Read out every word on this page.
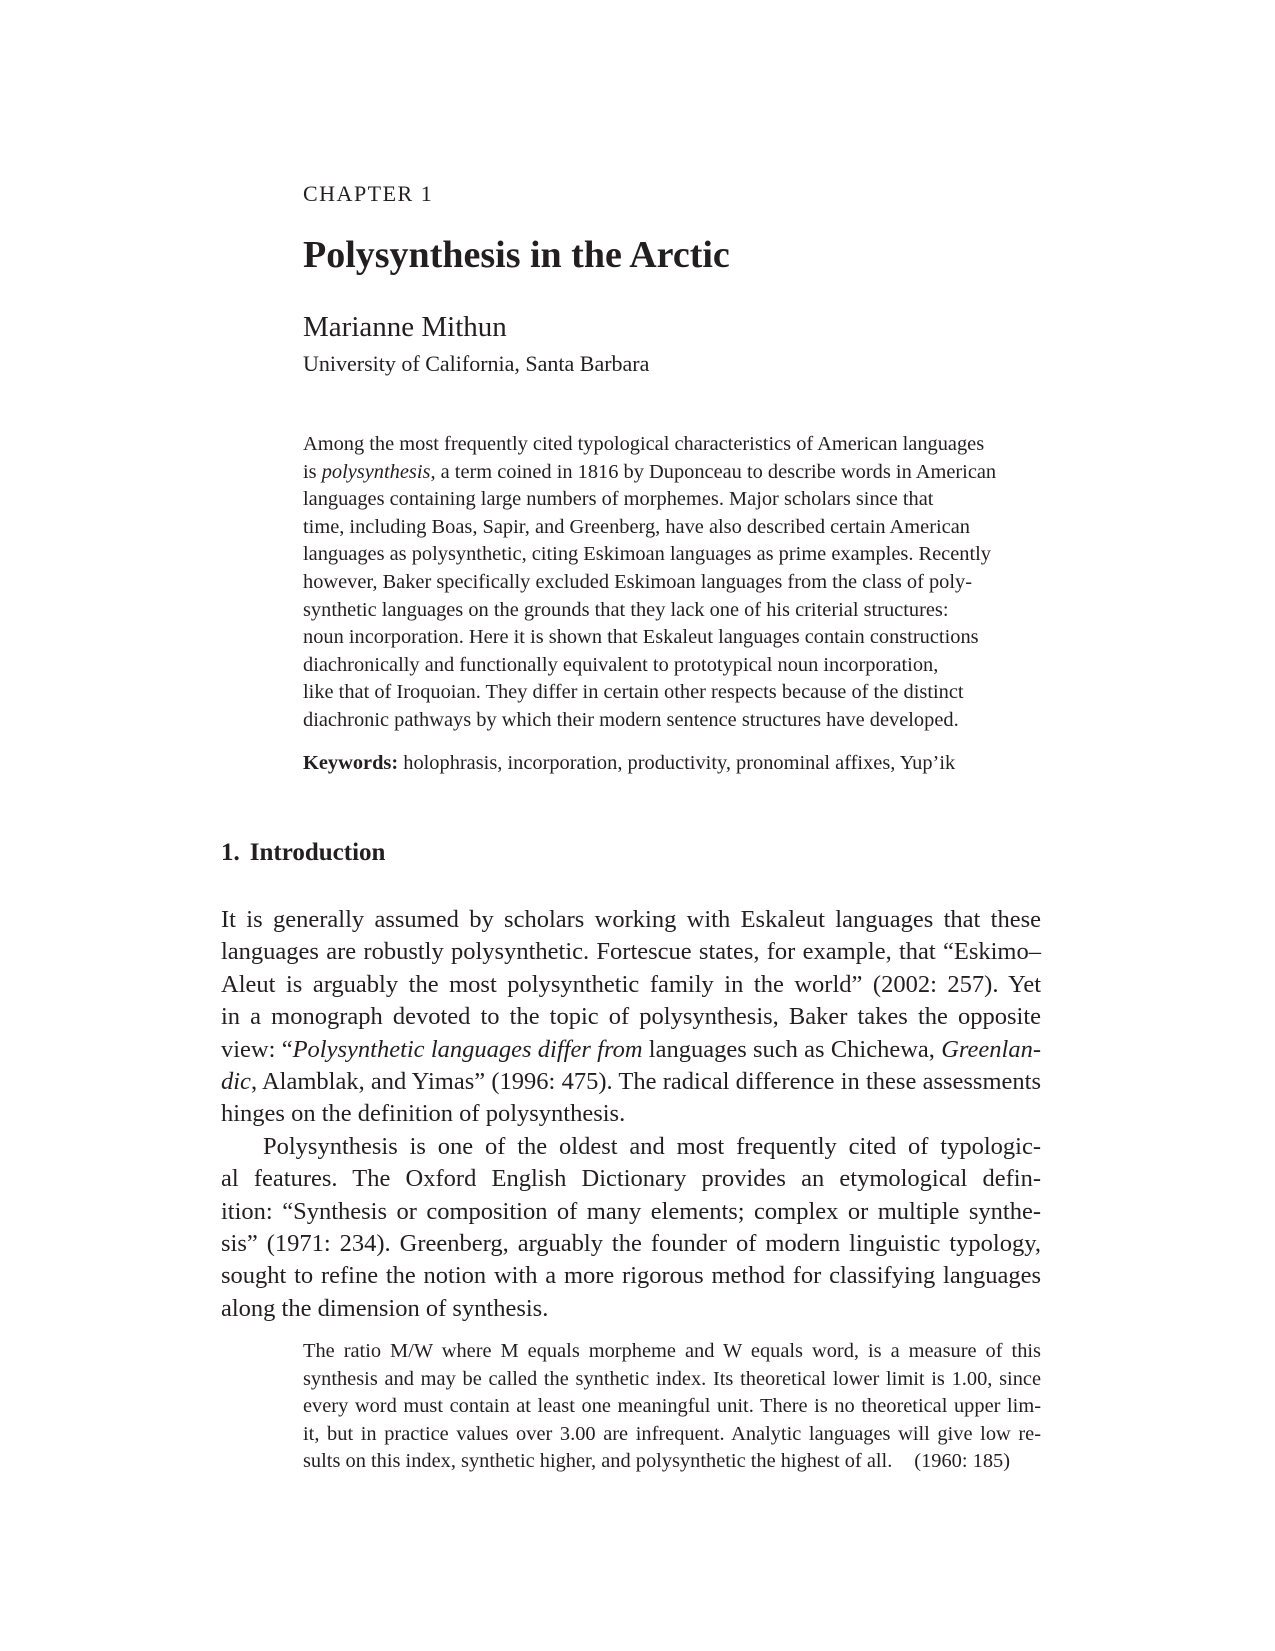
CHAPTER 1
Polysynthesis in the Arctic
Marianne Mithun
University of California, Santa Barbara
Among the most frequently cited typological characteristics of American languages
is polysynthesis, a term coined in 1816 by Duponceau to describe words in American
languages containing large numbers of morphemes. Major scholars since that
time, including Boas, Sapir, and Greenberg, have also described certain American
languages as polysynthetic, citing Eskimoan languages as prime examples. Recently
however, Baker specifically excluded Eskimoan languages from the class of poly-
synthetic languages on the grounds that they lack one of his criterial structures:
noun incorporation. Here it is shown that Eskaleut languages contain constructions
diachronically and functionally equivalent to prototypical noun incorporation,
like that of Iroquoian. They differ in certain other respects because of the distinct
diachronic pathways by which their modern sentence structures have developed.
Keywords: holophrasis, incorporation, productivity, pronominal affixes, Yup’ik
1. Introduction
It is generally assumed by scholars working with Eskaleut languages that these
languages are robustly polysynthetic. Fortescue states, for example, that “Eskimo–
Aleut is arguably the most polysynthetic family in the world” (2002: 257). Yet
in a monograph devoted to the topic of polysynthesis, Baker takes the opposite
view: “Polysynthetic languages differ from languages such as Chichewa, Greenlan-
dic, Alamblak, and Yimas” (1996: 475). The radical difference in these assessments
hinges on the definition of polysynthesis.
Polysynthesis is one of the oldest and most frequently cited of typologic-
al features. The Oxford English Dictionary provides an etymological defin-
ition: “Synthesis or composition of many elements; complex or multiple synthe-
sis” (1971: 234). Greenberg, arguably the founder of modern linguistic typology,
sought to refine the notion with a more rigorous method for classifying languages
along the dimension of synthesis.
The ratio M/W where M equals morpheme and W equals word, is a measure of this
synthesis and may be called the synthetic index. Its theoretical lower limit is 1.00, since
every word must contain at least one meaningful unit. There is no theoretical upper lim-
it, but in practice values over 3.00 are infrequent. Analytic languages will give low re-
sults on this index, synthetic higher, and polysynthetic the highest of all. (1960: 185)
